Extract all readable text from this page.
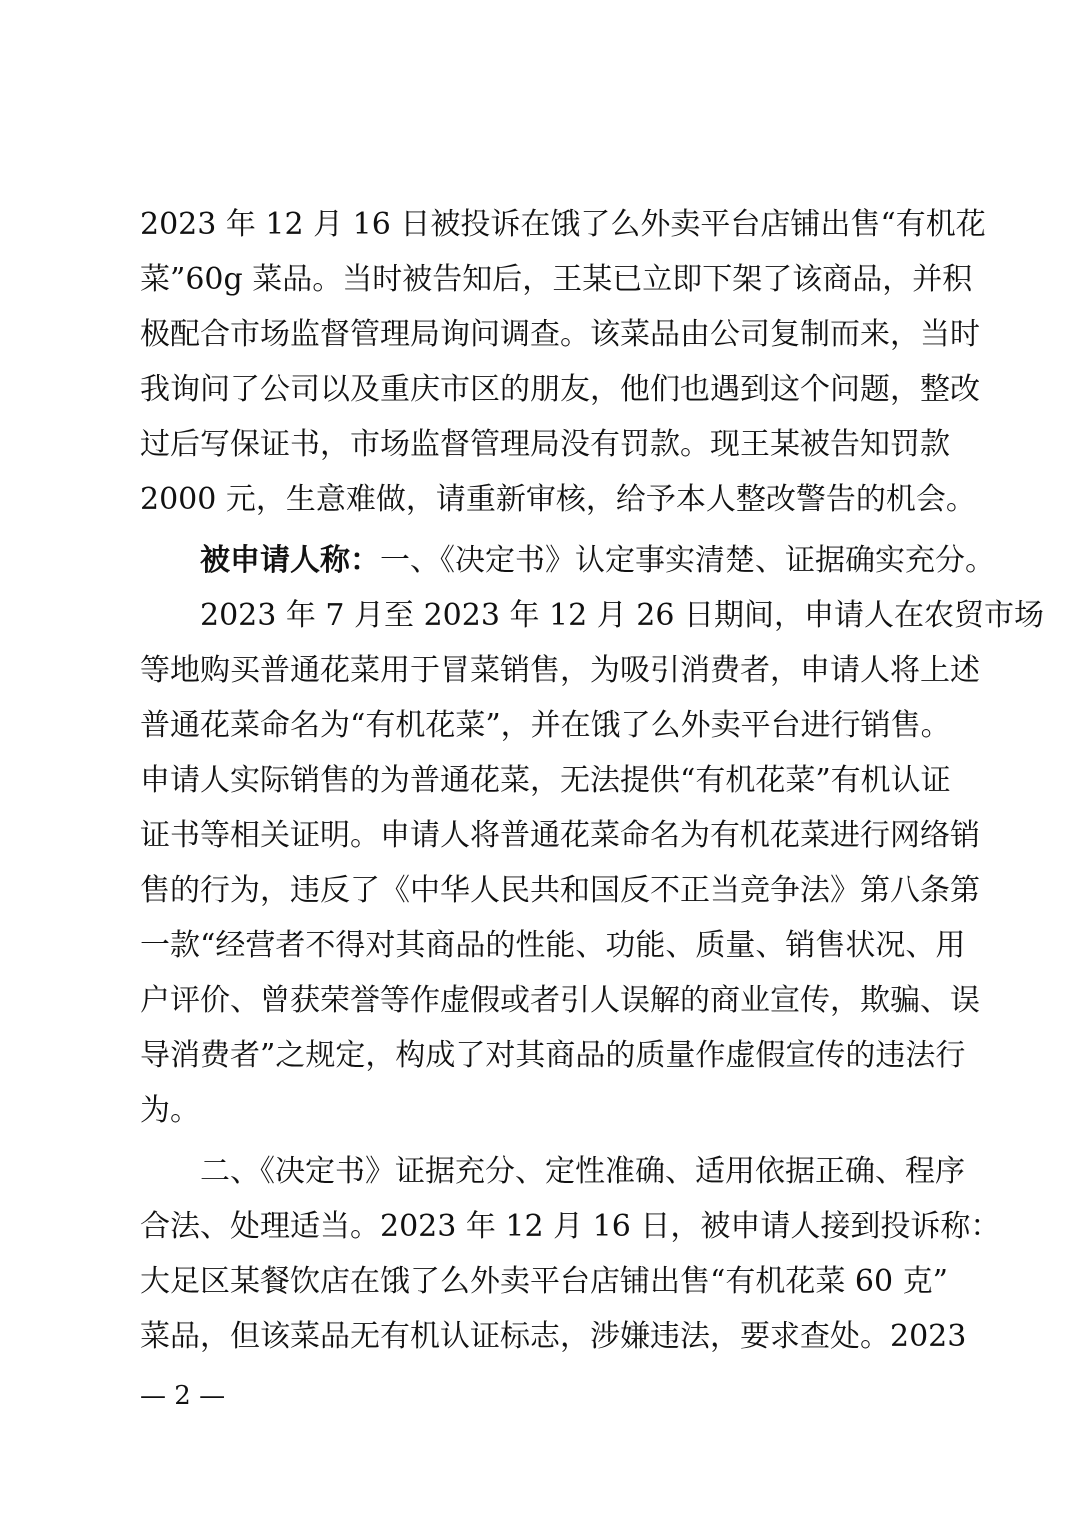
2023 年 12 月 16 日被投诉在饿了么外卖平台店铺出售“有机花
菜”60g 菜品。当时被告知后，王某已立即下架了该商品，并积
极配合市场监督管理局询问调查。该菜品由公司复制而来，当时
我询问了公司以及重庆市区的朋友，他们也遇到这个问题，整改
过后写保证书，市场监督管理局没有罚款。现王某被告知罚款
2000 元，生意难做，请重新审核，给予本人整改警告的机会。
被申请人称：一、《决定书》认定事实清楚、证据确实充分。
2023 年 7 月至 2023 年 12 月 26 日期间，申请人在农贸市场
等地购买普通花菜用于冒菜销售，为吸引消费者，申请人将上述
普通花菜命名为“有机花菜”，并在饿了么外卖平台进行销售。
申请人实际销售的为普通花菜，无法提供“有机花菜”有机认证
证书等相关证明。申请人将普通花菜命名为有机花菜进行网络销
售的行为，违反了《中华人民共和国反不正当竞争法》第八条第
一款“经营者不得对其商品的性能、功能、质量、销售状况、用
户评价、曾获荣誉等作虚假或者引人误解的商业宣传，欺骗、误
导消费者”之规定，构成了对其商品的质量作虚假宣传的违法行
为。
二、《决定书》证据充分、定性准确、适用依据正确、程序
合法、处理适当。2023 年 12 月 16 日，被申请人接到投诉称：
大足区某餐饮店在饿了么外卖平台店铺出售“有机花菜 60 克”
菜品，但该菜品无有机认证标志，涉嫌违法，要求查处。2023
— 2 —
